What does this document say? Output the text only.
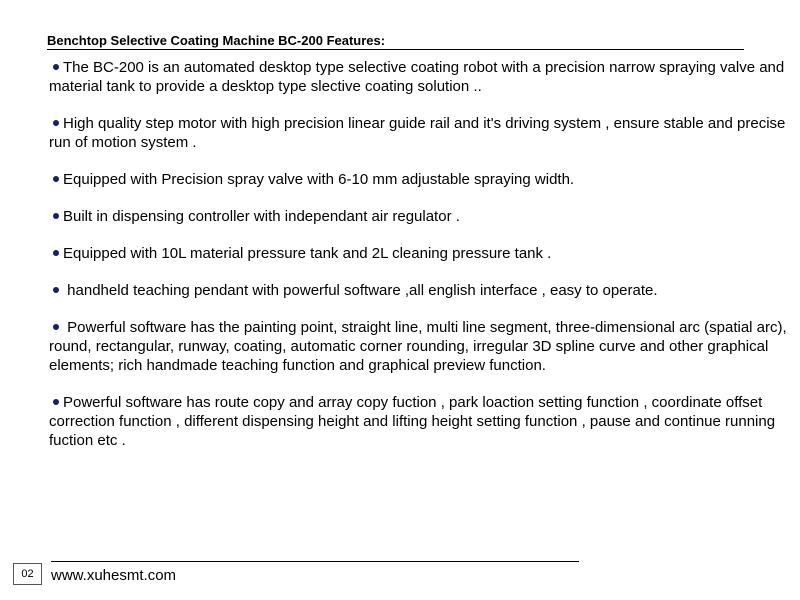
Benchtop Selective Coating Machine BC-200 Features:

The BC-200 is an automated desktop type selective coating robot with a precision narrow spraying valve and material tank to provide a desktop type slective coating solution ..

High quality step motor with high precision linear guide rail and it's driving system , ensure stable and precise run of motion system .

Equipped with Precision spray valve with 6-10 mm adjustable spraying width.

Built in dispensing controller with independant air regulator .

Equipped with 10L material pressure tank and 2L cleaning pressure tank .

handheld teaching pendant with powerful software ,all english interface , easy to operate.

Powerful software has the painting point, straight line, multi line segment, three-dimensional arc (spatial arc), round, rectangular, runway, coating, automatic corner rounding, irregular 3D spline curve and other graphical elements; rich handmade teaching function and graphical preview function.

Powerful software has route copy and array copy fuction , park loaction setting function , coordinate offset correction function , different dispensing height and lifting height setting function , pause and continue running fuction etc .

02	www.xuhesmt.com
